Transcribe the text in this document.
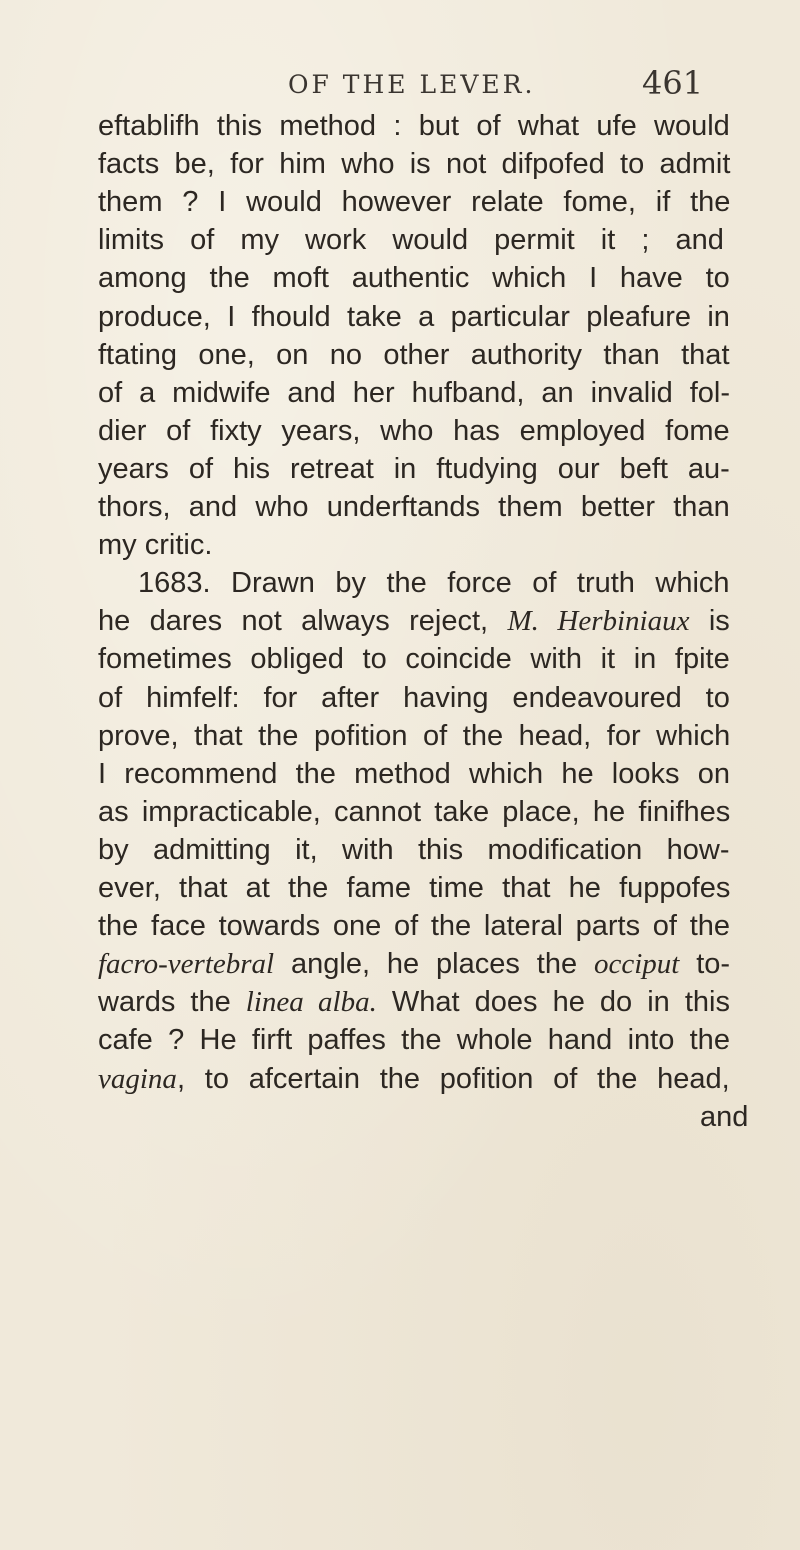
OF THE LEVER.	461
eftablifh this method : but of what ufe would
facts be, for him who is not difpofed to admit
them ? I would however relate fome, if the
limits of my work would permit it ; and
among the moft authentic which I have to
produce, I fhould take a particular pleafure in
ftating one, on no other authority than that
of a midwife and her hufband, an invalid fol-
dier of fixty years, who has employed fome
years of his retreat in ftudying our beft au-
thors, and who underftands them better than
my critic.
1683. Drawn by the force of truth which
he dares not always reject, M. Herbiniaux is
fometimes obliged to coincide with it in fpite
of himfelf: for after having endeavoured to
prove, that the pofition of the head, for which
I recommend the method which he looks on
as impracticable, cannot take place, he finifhes
by admitting it, with this modification how-
ever, that at the fame time that he fuppofes
the face towards one of the lateral parts of the
facro-vertebral angle, he places the occiput to-
wards the linea alba. What does he do in this
cafe ? He firft paffes the whole hand into the
vagina, to afcertain the pofition of the head,
and
